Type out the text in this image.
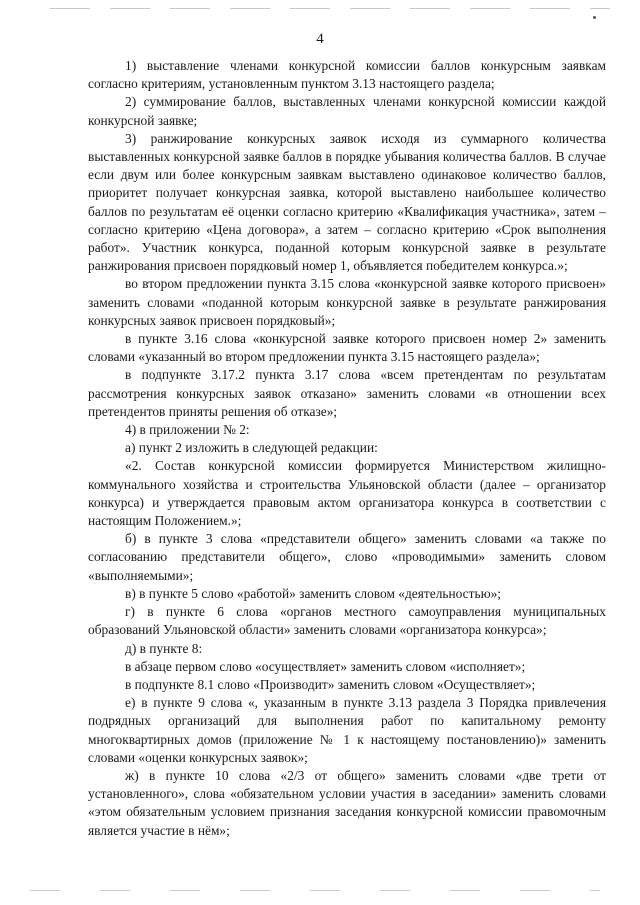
4

1) выставление членами конкурсной комиссии баллов конкурсным заявкам согласно критериям, установленным пунктом 3.13 настоящего раздела;

2) суммирование баллов, выставленных членами конкурсной комиссии каждой конкурсной заявке;

3) ранжирование конкурсных заявок исходя из суммарного количества выставленных конкурсной заявке баллов в порядке убывания количества баллов. В случае если двум или более конкурсным заявкам выставлено одинаковое количество баллов, приоритет получает конкурсная заявка, которой выставлено наибольшее количество баллов по результатам её оценки согласно критерию «Квалификация участника», затем – согласно критерию «Цена договора», а затем – согласно критерию «Срок выполнения работ». Участник конкурса, поданной которым конкурсной заявке в результате ранжирования присвоен порядковый номер 1, объявляется победителем конкурса.»;

во втором предложении пункта 3.15 слова «конкурсной заявке которого присвоен» заменить словами «поданной которым конкурсной заявке в результате ранжирования конкурсных заявок присвоен порядковый»;

в пункте 3.16 слова «конкурсной заявке которого присвоен номер 2» заменить словами «указанный во втором предложении пункта 3.15 настоящего раздела»;

в подпункте 3.17.2 пункта 3.17 слова «всем претендентам по результатам рассмотрения конкурсных заявок отказано» заменить словами «в отношении всех претендентов приняты решения об отказе»;

4) в приложении № 2:

а) пункт 2 изложить в следующей редакции:

«2. Состав конкурсной комиссии формируется Министерством жилищно-коммунального хозяйства и строительства Ульяновской области (далее – организатор конкурса) и утверждается правовым актом организатора конкурса в соответствии с настоящим Положением.»;

б) в пункте 3 слова «представители общего» заменить словами «а также по согласованию представители общего», слово «проводимыми» заменить словом «выполняемыми»;

в) в пункте 5 слово «работой» заменить словом «деятельностью»;

г) в пункте 6 слова «органов местного самоуправления муниципальных образований Ульяновской области» заменить словами «организатора конкурса»;

д) в пункте 8:

в абзаце первом слово «осуществляет» заменить словом «исполняет»;

в подпункте 8.1 слово «Производит» заменить словом «Осуществляет»;

е) в пункте 9 слова «, указанным в пункте 3.13 раздела 3 Порядка привлечения подрядных организаций для выполнения работ по капитальному ремонту многоквартирных домов (приложение № 1 к настоящему постановлению)» заменить словами «оценки конкурсных заявок»;

ж) в пункте 10 слова «2/3 от общего» заменить словами «две трети от установленного», слова «обязательном условии участия в заседании» заменить словами «этом обязательным условием признания заседания конкурсной комиссии правомочным является участие в нём»;
